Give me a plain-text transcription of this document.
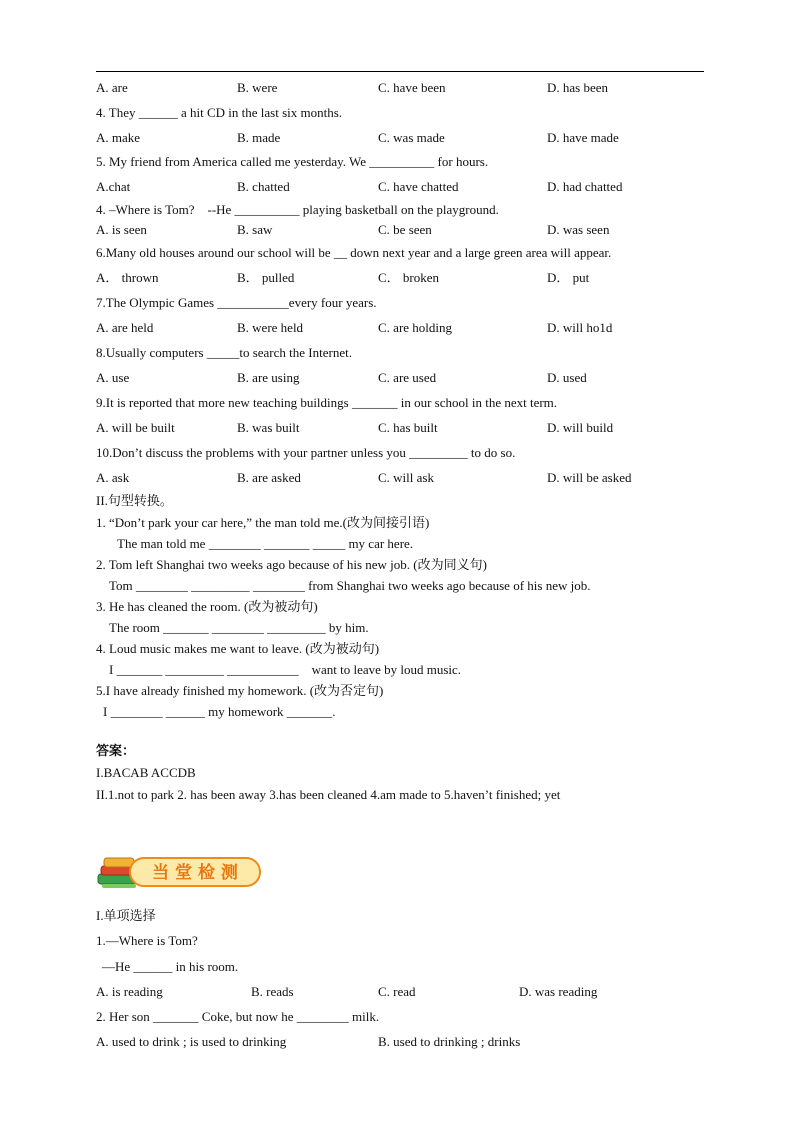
A. are	B. were	C. have been	D. has been
4. They ______ a hit CD in the last six months.
A. make	B. made	C. was made	D. have made
5. My friend from America called me yesterday. We __________ for hours.
A.chat	B. chatted	C. have chatted	D. had chatted
4. –Where is Tom?    --He __________ playing basketball on the playground.
A. is seen	B. saw	C. be seen	D. was seen
6.Many old houses around our school will be __ down next year and a large green area will appear.
A． thrown	B． pulled	C． broken	D． put
7.The Olympic Games ___________every four years.
A. are held	B. were held	C. are holding	D. will ho1d
8.Usually computers _____to search the Internet.
A. use	B. are using	C. are used	D. used
9.It is reported that more new teaching buildings _______ in our school in the next term.
A. will be built	B. was built	C. has built	D. will build
10.Don’t discuss the problems with your partner unless you _________ to do so.
A. ask	B. are asked	C. will ask	D. will be asked
II.句型转换。
1. “Don’t park your car here,” the man told me.(改为间接引语)
The man told me ________ _______ _____ my car here.
2. Tom left Shanghai two weeks ago because of his new job. (改为同义句)
Tom ________ _________ ________ from Shanghai two weeks ago because of his new job.
3. He has cleaned the room. (改为被动句)
The room _______ ________ _________ by him.
4. Loud music makes me want to leave. (改为被动句)
I _______ _________ ___________    want to leave by loud music.
5.I have already finished my homework. (改为否定句)
I ________ ______ my homework _______.
答案：
I.BACAB ACCDB
II.1.not to park 2. has been away 3.has been cleaned 4.am made to 5.haven’t finished; yet
当 堂 检 测
I.单项选择
1.—Where is Tom?
—He ______ in his room.
A. is reading	B. reads	C. read	D. was reading
2. Her son _______ Coke, but now he ________ milk.
A. used to drink ; is used to drinking	B. used to drinking ; drinks
